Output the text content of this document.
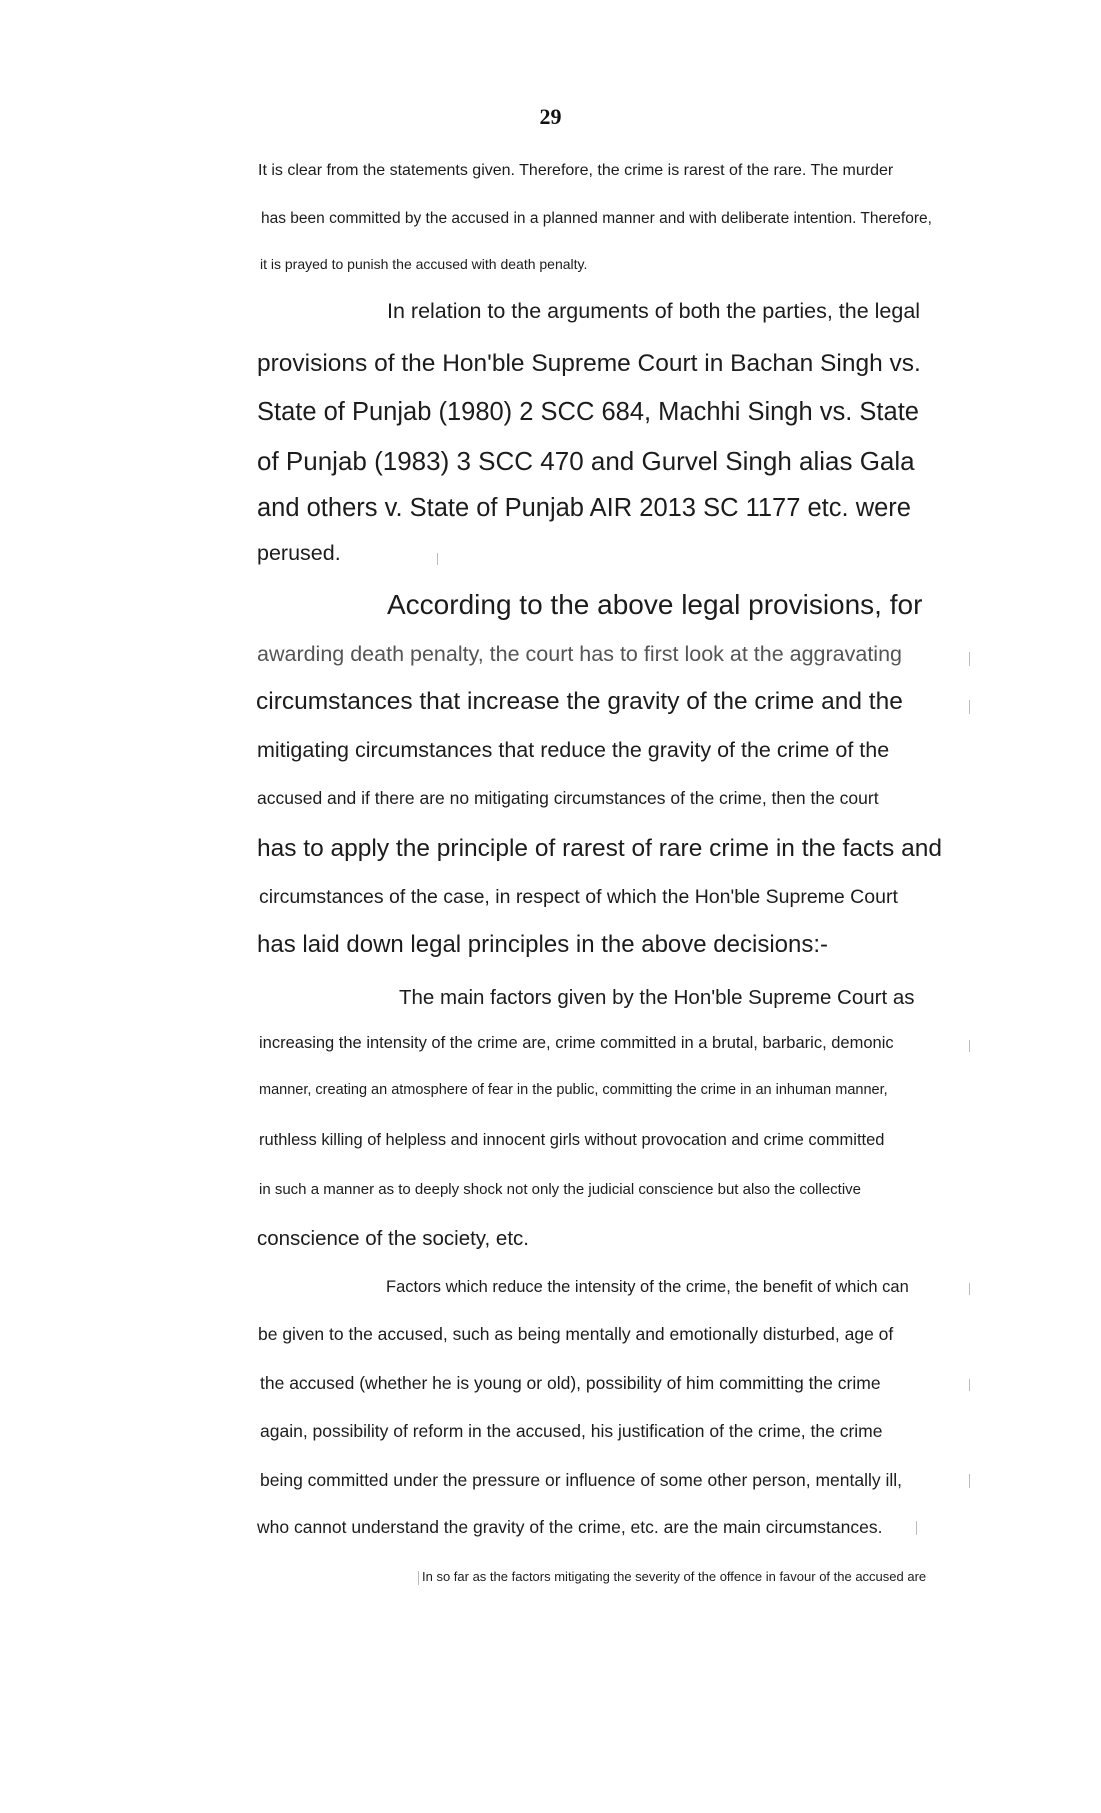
29
It is clear from the statements given. Therefore, the crime is rarest of the rare. The murder
has been committed by the accused in a planned manner and with deliberate intention. Therefore,
it is prayed to punish the accused with death penalty.
In relation to the arguments of both the parties, the legal
provisions of the Hon'ble Supreme Court in Bachan Singh vs.
State of Punjab (1980) 2 SCC 684, Machhi Singh vs. State
of Punjab (1983) 3 SCC 470 and Gurvel Singh alias Gala
and others v. State of Punjab AIR 2013 SC 1177 etc. were
perused.
According to the above legal provisions, for
awarding death penalty, the court has to first look at the aggravating
circumstances that increase the gravity of the crime and the
mitigating circumstances that reduce the gravity of the crime of the
accused and if there are no mitigating circumstances of the crime, then the court
has to apply the principle of rarest of rare crime in the facts and
circumstances of the case, in respect of which the Hon'ble Supreme Court
has laid down legal principles in the above decisions:-
The main factors given by the Hon'ble Supreme Court as
increasing the intensity of the crime are, crime committed in a brutal, barbaric, demonic
manner, creating an atmosphere of fear in the public, committing the crime in an inhuman manner,
ruthless killing of helpless and innocent girls without provocation and crime committed
in such a manner as to deeply shock not only the judicial conscience but also the collective
conscience of the society, etc.
Factors which reduce the intensity of the crime, the benefit of which can
be given to the accused, such as being mentally and emotionally disturbed, age of
the accused (whether he is young or old), possibility of him committing the crime
again, possibility of reform in the accused, his justification of the crime, the crime
being committed under the pressure or influence of some other person, mentally ill,
who cannot understand the gravity of the crime, etc. are the main circumstances.
In so far as the factors mitigating the severity of the offence in favour of the accused are
